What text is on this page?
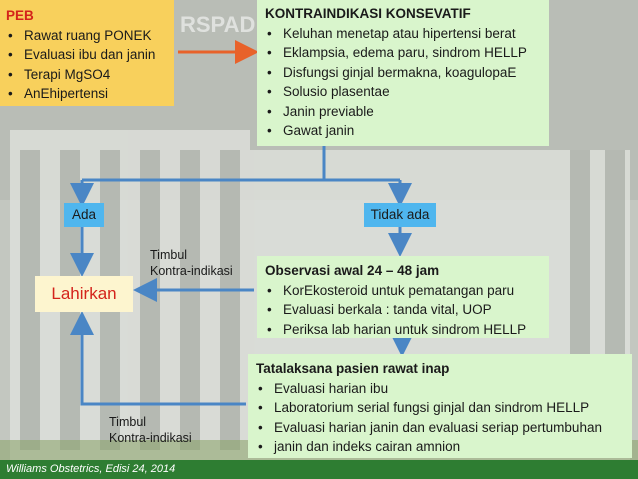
RSPAD
PEB
• Rawat ruang PONEK
• Evaluasi ibu dan janin
• Terapi MgSO4
• AnEhipertensi
KONTRAINDIKASI KONSEVATIF
• Keluhan menetap atau hipertensi berat
• Eklampsia, edema paru, sindrom HELLP
• Disfungsi ginjal bermakna, koagulopaE
• Solusio plasentae
• Janin previable
• Gawat janin
Ada	Tidak ada
Lahirkan
Timbul
Kontra-indikasi Observasi awal 24 – 48 jam
• KorEkosteroid untuk pematangan paru
• Evaluasi berkala : tanda vital, UOP
• Periksa lab harian untuk sindrom HELLP
Tatalaksana pasien rawat inap
• Evaluasi harian ibu
• Laboratorium serial fungsi ginjal dan sindrom HELLP
• Evaluasi harian janin dan evaluasi seriap pertumbuhan
• janin dan indeks cairan amnion
Timbul
Kontra-indikasi
Williams Obstetrics, Edisi 24, 2014
